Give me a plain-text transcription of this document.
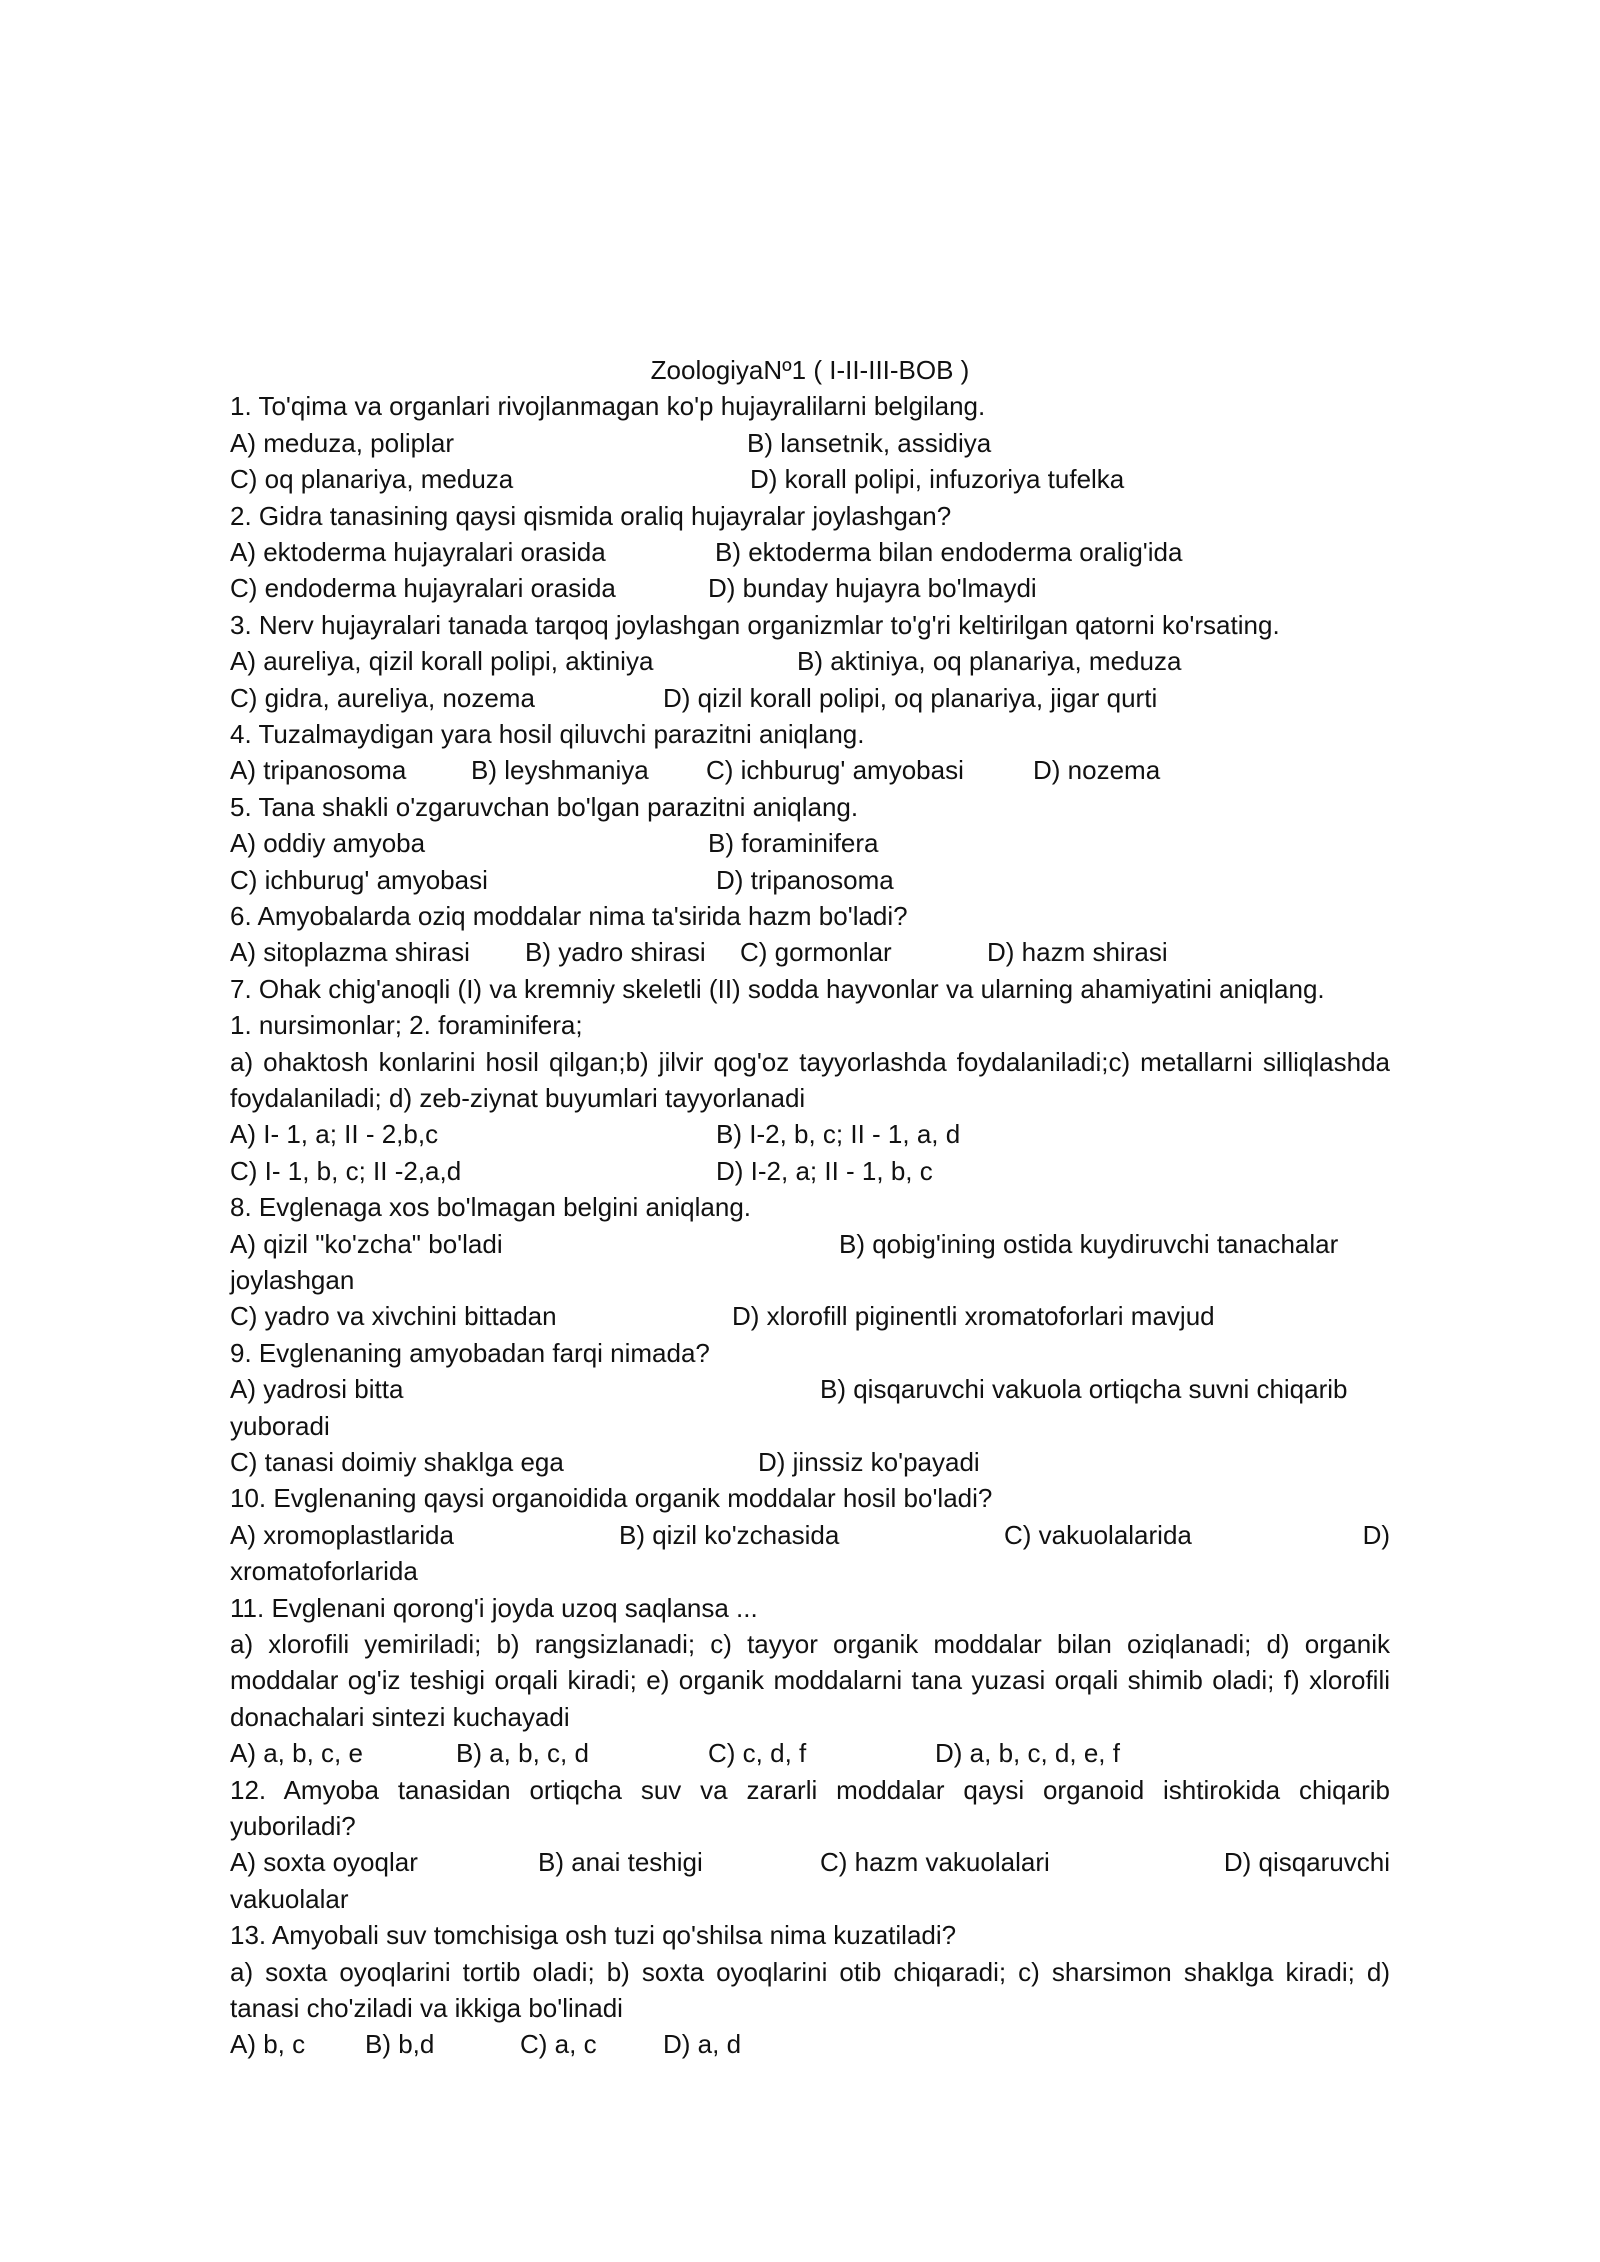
ZoologiyaNº1 ( I-II-III-BOB )
1. To'qima va organlari rivojlanmagan ko'p hujayralilarni belgilang.
A) meduza, poliplar	B) lansetnik, assidiya
C) oq planariya, meduza	D) korall polipi, infuzoriya tufelka
2. Gidra tanasining qaysi qismida oraliq hujayralar joylashgan?
A) ektoderma hujayralari orasida	B) ektoderma bilan endoderma oralig'ida
C) endoderma hujayralari orasida	D) bunday hujayra bo'lmaydi
3. Nerv hujayralari tanada tarqoq joylashgan organizmlar to'g'ri keltirilgan qatorni ko'rsating.
A) aureliya, qizil korall polipi, aktiniya	B) aktiniya, oq planariya, meduza
C) gidra, aureliya, nozema	D) qizil korall polipi, oq planariya, jigar qurti
4. Tuzalmaydigan yara hosil qiluvchi parazitni aniqlang.
A) tripanosoma B) leyshmaniya C) ichburug' amyobasi	D) nozema
5. Tana shakli o'zgaruvchan bo'lgan parazitni aniqlang.
A) oddiy amyoba	B) foraminifera
C) ichburug' amyobasi	D) tripanosoma
6. Amyobalarda oziq moddalar nima ta'sirida hazm bo'ladi?
A) sitoplazma shirasi B) yadro shirasi C) gormonlar	D) hazm shirasi
7. Ohak chig'anoqli (I) va kremniy skeletli (II) sodda hayvonlar va ularning ahamiyatini aniqlang.
1. nursimonlar; 2. foraminifera;
a) ohaktosh konlarini hosil qilgan;b) jilvir qog'oz tayyorlashda foydalaniladi;c) metallarni silliqlashda foydalaniladi; d) zeb-ziynat buyumlari tayyorlanadi
A) I- 1, a; II - 2,b,c	B) I-2, b, c; II - 1, a, d
C) I- 1, b, c; II -2,a,d	D) I-2, a; II - 1, b, c
8. Evglenaga xos bo'lmagan belgini aniqlang.
A) qizil "ko'zcha" bo'ladi	B) qobig'ining ostida kuydiruvchi tanachalar
joylashgan
C) yadro va xivchini bittadan	D) xlorofill piginentli xromatoforlari mavjud
9. Evglenaning amyobadan farqi nimada?
A) yadrosi bitta	B) qisqaruvchi vakuola ortiqcha suvni chiqarib
yuboradi
C) tanasi doimiy shaklga ega	D) jinssiz ko'payadi
10. Evglenaning qaysi organoidida organik moddalar hosil bo'ladi?
A) xromoplastlarida	B) qizil ko'zchasida	C) vakuolalarida	D)
xromatoforlarida
11. Evglenani qorong'i joyda uzoq saqlansa ...
a) xlorofili yemiriladi; b) rangsizlanadi; c) tayyor organik moddalar bilan oziqlanadi; d) organik moddalar og'iz teshigi orqali kiradi; e) organik moddalarni tana yuzasi orqali shimib oladi; f) xlorofili donachalari sintezi kuchayadi
A) a, b, c, e	B) a, b, c, d	C) c, d, f	D) a, b, c, d, e, f
12. Amyoba tanasidan ortiqcha suv va zararli moddalar qaysi organoid ishtirokida chiqarib yuboriladi?
A) soxta oyoqlar	B) anai teshigi	C) hazm vakuolalari	D) qisqaruvchi
vakuolalar
13. Amyobali suv tomchisiga osh tuzi qo'shilsa nima kuzatiladi?
a) soxta oyoqlarini tortib oladi; b) soxta oyoqlarini otib chiqaradi; c) sharsimon shaklga kiradi; d) tanasi cho'ziladi va ikkiga bo'linadi
A) b, c B) b,d	C) a, c	D) a, d
